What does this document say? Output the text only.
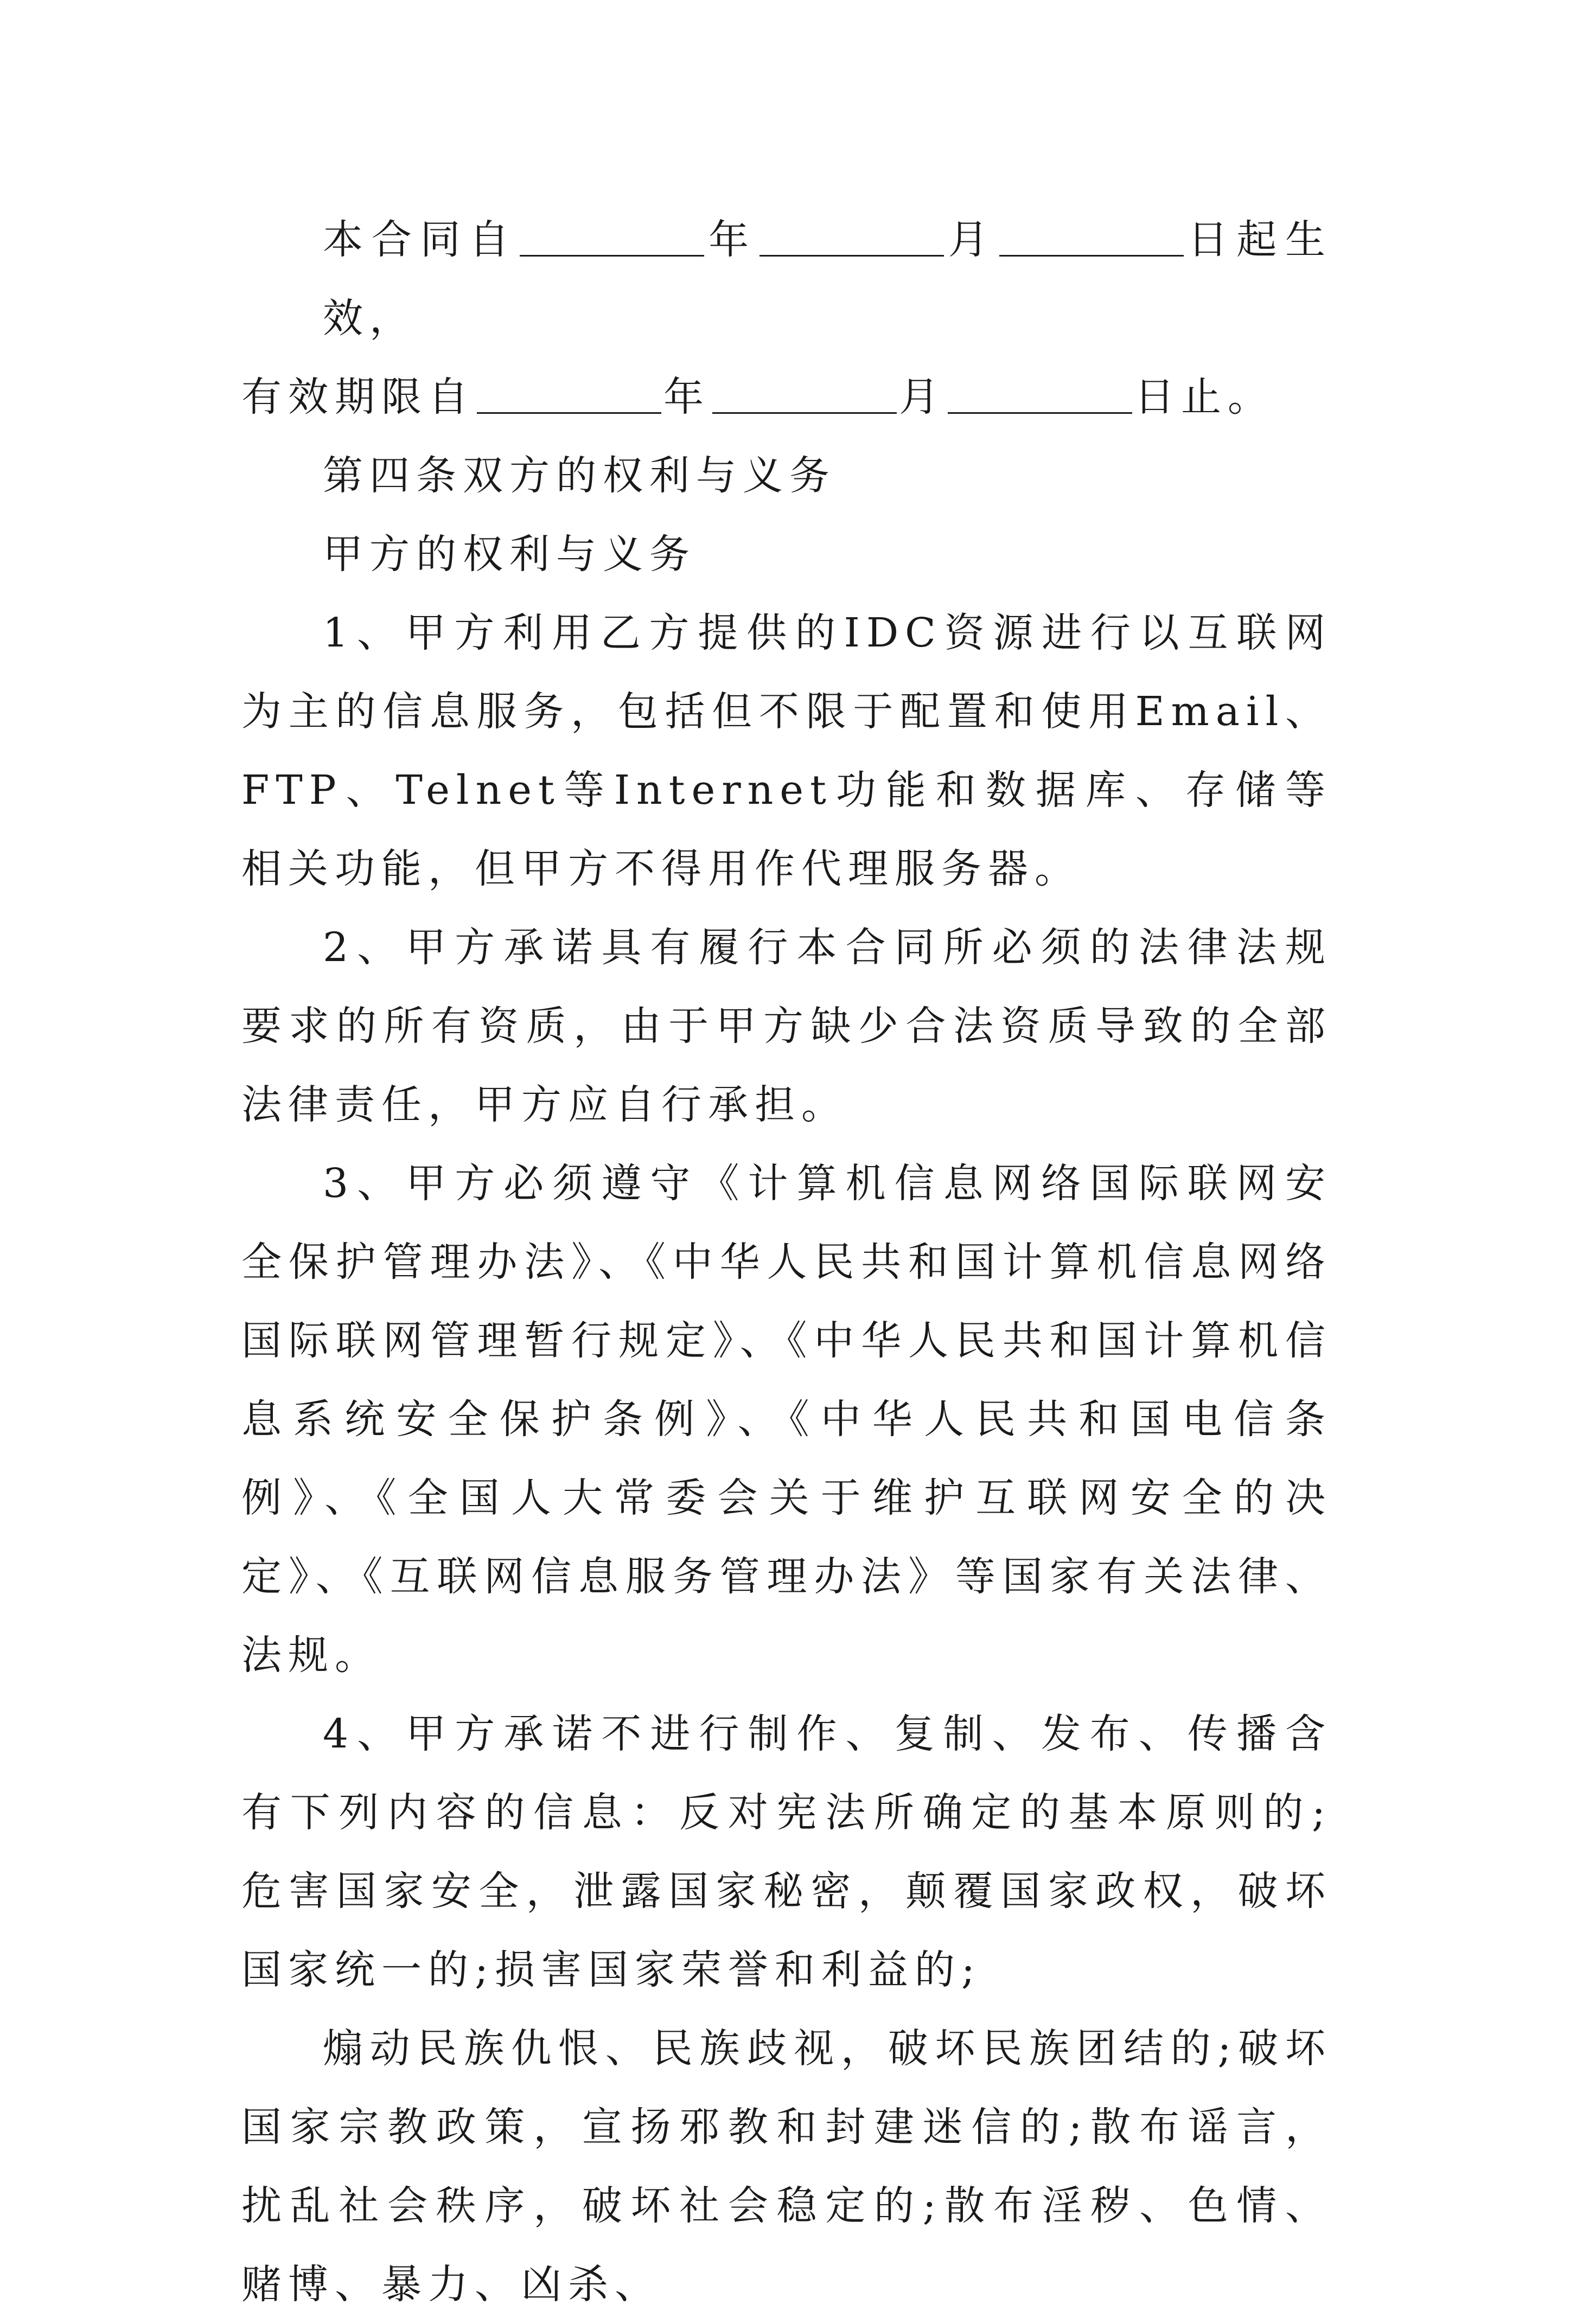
本合同自	年	月	日起生效，
有效期限自	年	月	日止。

第四条双方的权利与义务

甲方的权利与义务

1、甲方利用乙方提供的IDC资源进行以互联网为主的信息服务，包括但不限于配置和使用Email、FTP、Telnet等Internet功能和数据库、存储等相关功能，但甲方不得用作代理服务器。

2、甲方承诺具有履行本合同所必须的法律法规要求的所有资质，由于甲方缺少合法资质导致的全部法律责任，甲方应自行承担。

3、甲方必须遵守《计算机信息网络国际联网安全保护管理办法》、《中华人民共和国计算机信息网络国际联网管理暂行规定》、《中华人民共和国计算机信息系统安全保护条例》、《中华人民共和国电信条例》、《全国人大常委会关于维护互联网安全的决定》、《互联网信息服务管理办法》等国家有关法律、法规。

4、甲方承诺不进行制作、复制、发布、传播含有下列内容的信息：反对宪法所确定的基本原则的;危害国家安全，泄露国家秘密，颠覆国家政权，破坏国家统一的;损害国家荣誉和利益的;

煽动民族仇恨、民族歧视，破坏民族团结的;破坏国家宗教政策，宣扬邪教和封建迷信的;散布谣言，扰乱社会秩序，破坏社会稳定的;散布淫秽、色情、赌博、暴力、凶杀、
